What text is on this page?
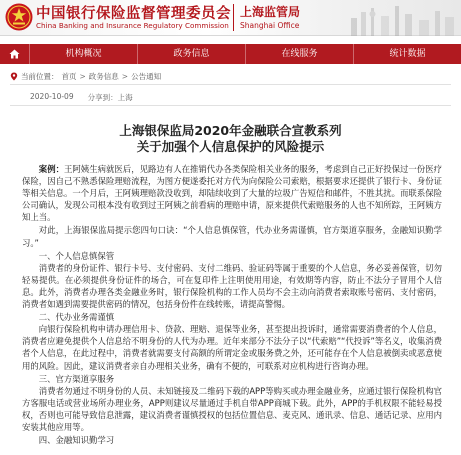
中国银行保险监督管理委员会
China Banking and Insurance Regulatory Commission
上海监管局
Shanghai Office
机构概况	政务信息	在线服务	统计数据
当前位置： 首页 > 政务信息 > 公告通知
2020-10-09 分享到：上海
上海银保监局2020年金融联合宣教系列
关于加强个人信息保护的风险提示

案例：王阿姨生病就医后，见路边有人在推销代办各类保险相关业务的服务，考虑到自己正好投保过一份医疗保险，因自己不熟悉保险理赔流程，为图方便遂委托对方代为向保险公司索赔，根据要求还提供了银行卡、身份证等相关信息。一个月后，王阿姨理赔款没收到，却陆续收到了大量的垃圾广告短信和邮件，不胜其扰。而联系保险公司确认，发现公司根本没有收到过王阿姨之前看病的理赔申请，原来提供代索赔服务的人也不知所踪，王阿姨方知上当。

对此，上海银保监局提示您四句口诀：“个人信息慎保管，代办业务需谨慎，官方渠道享服务，金融知识勤学习。”

一、个人信息慎保管

消费者的身份证件、银行卡号、支付密码、支付二维码、验证码等属于重要的个人信息，务必妥善保管，切勿轻易提供。在必须提供身份证件的场合，可在复印件上注明使用用途，有效期等内容，防止不法分子冒用个人信息。此外，消费者办理各类金融业务时，银行保险机构的工作人员均不会主动向消费者索取账号密码、支付密码，消费者如遇到需要提供密码的情况，包括身份件在线转账，请提高警惕。

二、代办业务需谨慎

向银行保险机构申请办理信用卡、贷款、理赔、退保等业务，甚至提出投诉时，通常需要消费者的个人信息，消费者应避免提供个人信息给不明身份的人代为办理。近年来部分不法分子以“代索赔”“代投诉”等名义，收集消费者个人信息，在此过程中，消费者就需要支付高额的所谓定金或服务费之外，还可能存在个人信息被倒卖或恶意使用的风险。因此，建议消费者亲自办理相关业务，确有不便的，可联系对应机构进行咨询办理。

三、官方渠道享服务

消费者勿通过不明身份的人员、未知链接及二维码下载的APP等购买或办理金融业务，应通过银行保险机构官方客服电话或营业场所办理业务，APP则建议尽量通过手机自带APP商城下载。此外，APP的手机权限不能轻易授权，否则也可能导致信息泄露，建议消费者谨慎授权的包括位置信息、麦克风、通讯录、信息、通话记录、应用内安装其他应用等。

四、金融知识勤学习
